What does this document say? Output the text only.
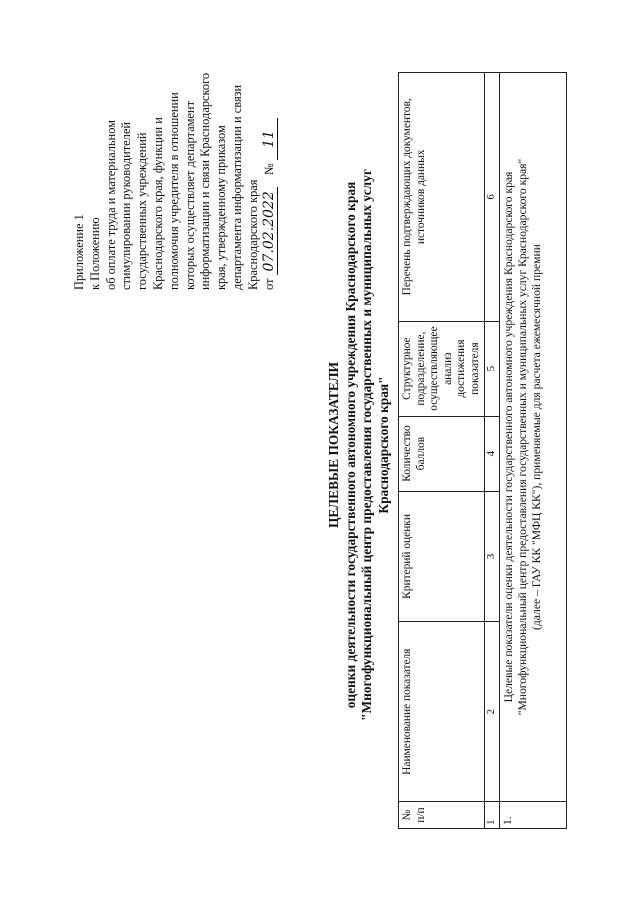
Приложение 1 к Положению об оплате труда и материальном стимулировании руководителей государственных учреждений Краснодарского края, функции и полномочия учредителя в отношении которых осуществляет департамент информатизации и связи Краснодарского края, утвержденному приказом департамента информатизации и связи Краснодарского края от 07.02.2022    № 11
ЦЕЛЕВЫЕ ПОКАЗАТЕЛИ оценки деятельности государственного автономного учреждения Краснодарского края "Многофункциональный центр предоставления государственных и муниципальных услуг Краснодарского края"
№ п/п	Наименование показателя	Критерий оценки	Количество баллов	Структурное подразделение, осуществляющее анализ достижения показателя	Перечень подтверждающих документов, источников данных
1	2	3	4	5	6
1.	Целевые показатели оценки деятельности государственного автономного учреждения Краснодарского края "Многофункциональный центр предоставления государственных и муниципальных услуг Краснодарского края" (далее – ГАУ КК "МФЦ КК"), применяемые для расчета ежемесячной премии				
